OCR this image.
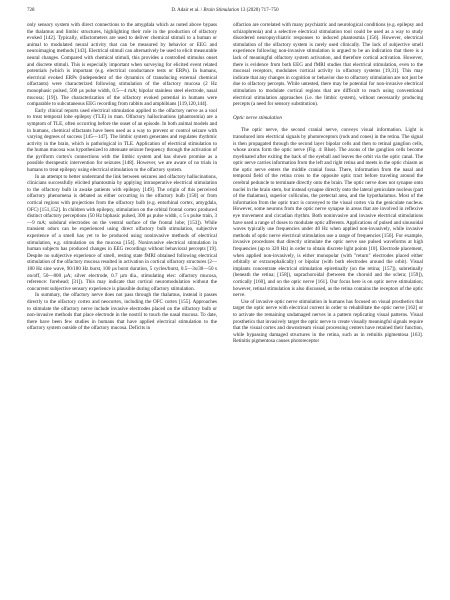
728	D. Adair et al. / Brain Stimulation 13 (2020) 717–750

only sensory system with direct connections to the amygdala which as noted above bypass the thalamus and limbic structures, highlighting their role in the production of olfactory evoked [142]. Typically, olfactometers are used to deliver chemical stimuli to a human or animal to modulated neural activity that can be measured by behavior or EEG and neuroimaging methods [143]. Electrical stimuli can alternatively be used to elicit measurable neural changes. Compared with chemical stimuli, this provides a controlled stimulus onset and discrete stimuli. This is especially important when surveying for elicited event related potentials (which is important (e.g. electrical conductance tests or ERPs). In humans, electrical evoked ERPs (independent of the dynamics of transducing external chemical olfactants) were characterized following stimulation of the olfactory mucosa (2 Hz monophasic pulsed, 500 µs pulse width, 0.5—4 mA; bipolar stainless steel electrode, nasal mucosa; [19]). The characterization of the olfactory evoked potential in humans were comparable to subcutaneous EEG recording from rabbits and amphibians [119,120,144].

Early clinical reports used electrical stimulation applied to the olfactory nerve as a tool to treat temporal lobe epilepsy (TLE) in man. Olfactory hallucinations (phantosmia) are a symptom of TLE, often occurring before the onset of an episode. In both animal models and in humans, chemical olfactants have been used as a way to prevent or control seizure with varying degrees of success [145—147]. The limbic system generates and regulates rhythmic activity in the brain, which is pathological in TLE. Application of electrical stimulation to the human mucosa was hypothesized to attenuate seizure frequency through the activation of the pyriform cortex's connections with the limbic system and has shown promise as a possible therapeutic intervention for seizures [148]. However, we are aware of no trials in humans to treat epilepsy using electrical stimulation to the olfactory system.

In an attempt to better understand the link between seizures and olfactory hallucinations, clinicians successfully elicited phantosmia by applying intraoperative electrical stimulation to the olfactory bulb in awake patients with epilepsy [149]. The origin of this perceived olfactory phenomena is debated as either occurring in the olfactory bulb [150] or from cortical regions with projections from the olfactory bulb (e.g. entorhinal cortex, amygdala, OFC) [151,152]. In children with epilepsy, stimulation on the orbital frontal cortex produced distinct olfactory perceptions (50 Hz biphasic pulsed, 300 µs pulse width, ≤ 5 s pulse train, 3—9 mA; subdural electrodes on the ventral surface of the frontal lobe; [153]). While transient odors can be experienced using direct olfactory bulb stimulation, subjective experience of a smell has yet to be produced using noninvasive methods of electrical stimulation, e.g. stimulation on the mucosa [154]. Noninvasive electrical stimulation in human subjects has produced changes in EEG recordings without behavioral percepts [19]. Despite no subjective experience of smell, resting state fMRI obtained following electrical stimulation of the olfactory mucosa resulted in activation in cortical olfactory structures (2—180 Hz sine wave, 90/180 Hz burst, 100 µs burst duration, 5 cycles/burst, 0.5—3s/30—50 s on/off, 50—800 µA; silver electrode, 0.7 µm dia., stimulating elec: olfactory mucosa, reference: forehead; [31]). This may indicate that cortical neuromodulation without the concurrent subjective sensory experience is plausible during olfactory stimulation.

In summary, the olfactory nerve does not pass through the thalamus, instead it passes directly to the olfactory cortex and neocortex, including the OFC cortex [155]. Approaches to stimulate the olfactory nerve include invasive electrodes placed on the olfactory bulb or non-invasive methods that place electrode in the nostril to touch the nasal mucosa. To date, there have been few studies in humans that have applied electrical stimulation to the olfactory system outside of the olfactory mucosa. Deficits in

olfaction are correlated with many psychiatric and neurological conditions (e.g. epilepsy and schizophrenia) and a selective electrical stimulation tool could be used as a way to study disordered neuropsychiatric responses to induced phantosmia [156]. However, electrical stimulation of the olfactory system is rarely used clinically. The lack of subjective smell experience following non-invasive stimulation is argued to be an indication that there is a lack of meaningful olfactory system activation, and therefore cortical activation. However, there is evidence from both EEG and fMRI studies that electrical stimulation, even to the mucosal receptors, modulates cortical activity in olfactory systems [19,31]. This may indicate that any changes in cognition or behavior due to olfactory stimulation are not just be due to olfactory percepts. While untested, there may be potential for non-invasive electrical stimulation to modulate cortical regions that are difficult to reach using conventional electrical stimulation approaches (i.e. the limbic system), without necessarily producing percepts (a need for sensory substitution).

Optic nerve stimulation

The optic nerve, the second cranial nerve, conveys visual information. Light is transduced into electrical signals by photoreceptors (rods and cones) in the retina. The signal is then propagated through the second layer bipolar cells and then to retinal ganglion cells, whose axons form the optic nerve (Fig. 4: Blue). The axons of the ganglion cells become myelinated after exiting the back of the eyeball and leaves the orbit via the optic canal. The optic nerve carries information from the left and right retina and meets in the optic chiasm as the optic nerve enters the middle cranial fossa. There, information from the nasal and temporal field of the retina cross to the opposite optic tract before traveling around the cerebral peduncle to terminate directly onto the brain. The optic nerve does not synapse onto nuclei in the brain stem, but instead synapse directly onto the lateral geniculate nucleus (part of the thalamus), superior colliculus, the pretectal area, and the hypothalamus. Most of the information from the optic tract is conveyed to the visual cortex via the geniculate nucleus. However, some neurons from the optic nerve synapse in areas that are involved in reflexive eye movement and circadian rhythm. Both noninvasive and invasive electrical stimulations have used a range of doses to modulate optic afferents. Applications of pulsed and sinusoidal waves typically use frequencies under 40 Hz when applied non-invasively, while invasive methods of optic nerve electrical stimulation use a range of frequencies [156]. For example, invasive procedures that directly stimulate the optic nerve use pulsed waveforms at high frequencies (up to 320 Hz) in order to obtain discrete light points [10]. Electrode placement, when applied non-invasively, is either monopolar (with "return" electrodes placed either orbitally or extracephalically) or bipolar (with both electrodes around the orbit). Visual implants concentrate electrical stimulation epiretinally (on the retina; [157]), subretinally (beneath the retina; [158]), suprachoroidal (between the choroid and the sclera; [159]), cortically [160], and on the optic nerve [161]. Our focus here is on optic nerve stimulation; however, retinal stimulation is also discussed, as the retina contains the receptors of the optic nerve.

Use of invasive optic nerve stimulation in humans has focused on visual prosthetics that target the optic nerve with electrical current in order to rehabilitate the optic nerve [162] or to activate the remaining undamaged nerves in a pattern replicating visual patterns. Visual prosthetics that invasively target the optic nerve to create visually meaningful signals require that the visual cortex and downstream visual processing centers have retained their function, while bypassing damaged structures in the retina, such as in retinitis pigmentosa [163]. Retinitis pigmentosa causes photoreceptor
